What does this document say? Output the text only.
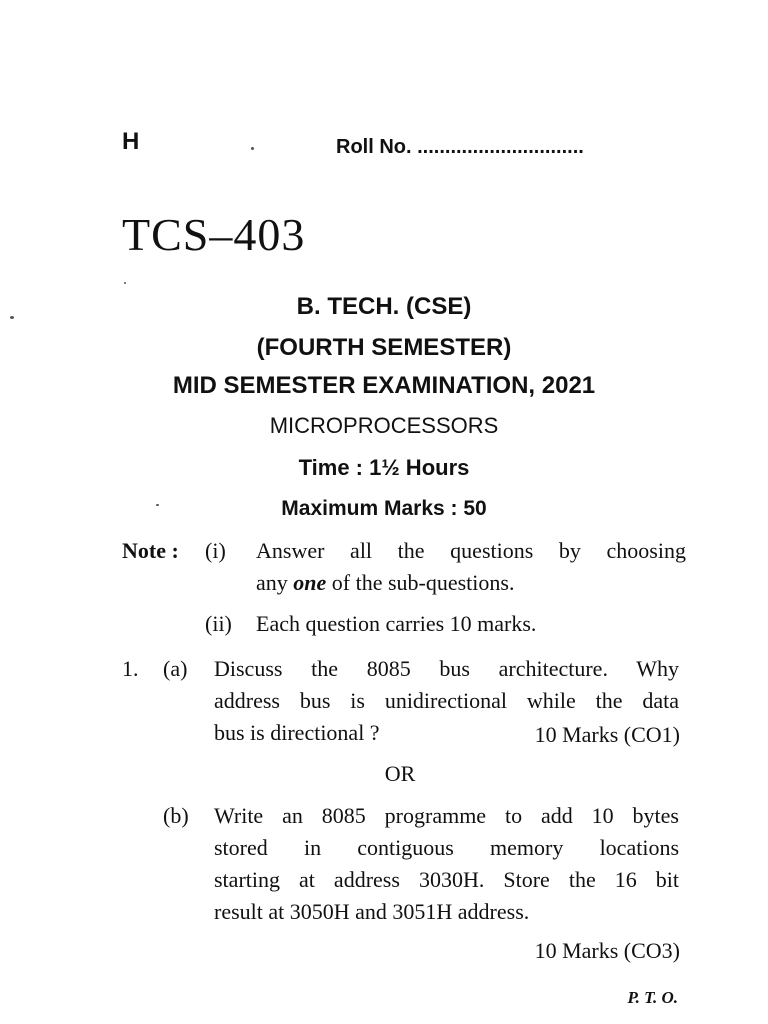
H	Roll No. ..............................
TCS–403
B. TECH. (CSE)
(FOURTH SEMESTER)
MID SEMESTER EXAMINATION, 2021
MICROPROCESSORS
Time : 1½ Hours
Maximum Marks : 50
Note : (i) Answer all the questions by choosing
any one of the sub-questions.
(ii) Each question carries 10 marks.
1. (a) Discuss the 8085 bus architecture. Why
address bus is unidirectional while the data
bus is directional ?	10 Marks (CO1)
OR
(b) Write an 8085 programme to add 10 bytes
stored in contiguous memory locations
starting at address 3030H. Store the 16 bit
result at 3050H and 3051H address.
10 Marks (CO3)
P. T. O.
